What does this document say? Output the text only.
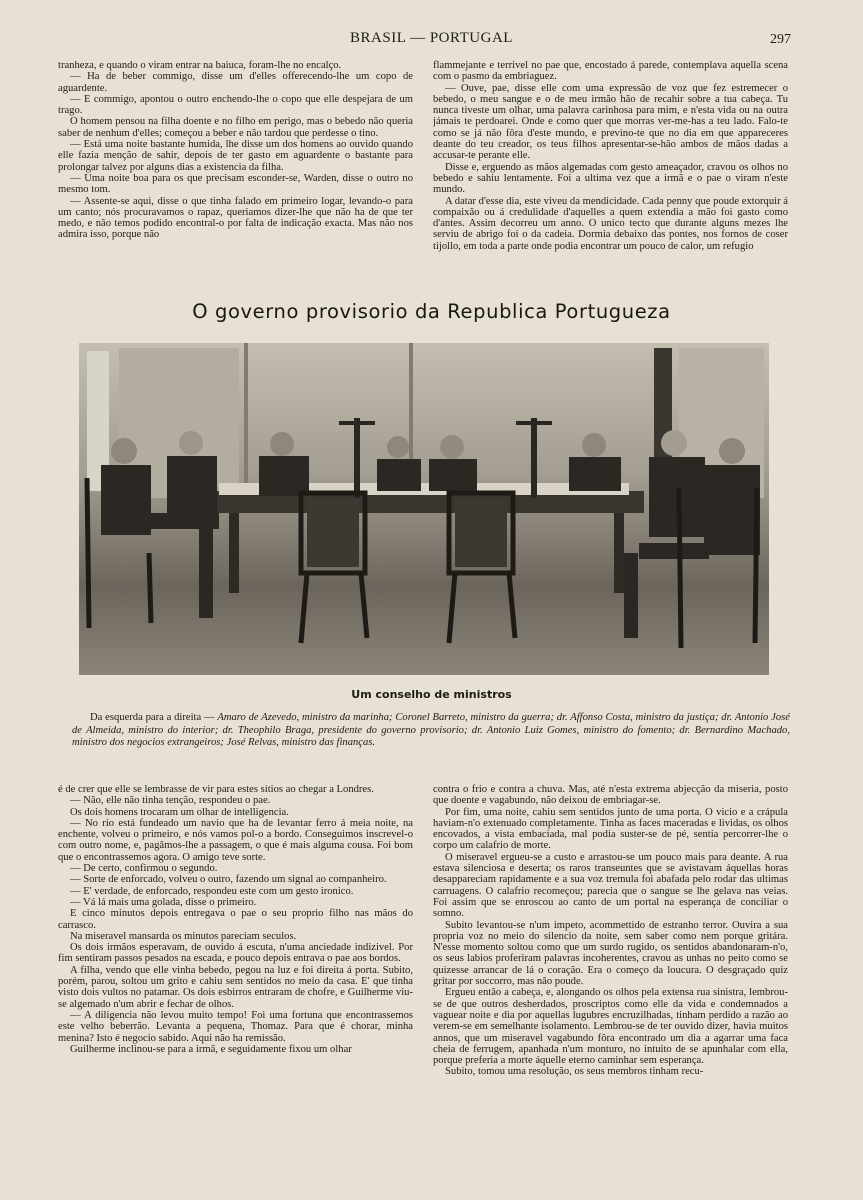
BRASIL — PORTUGAL	297

tranheza, e quando o viram entrar na baiuca, foram-lhe no encalço.

— Ha de beber commigo, disse um d'elles offerecendo-lhe um copo de aguardente.

— E commigo, apontou o outro enchendo-lhe o copo que elle despejara de um trago.

O homem pensou na filha doente e no filho em perigo, mas o bebedo não queria saber de nenhum d'elles; começou a beber e não tardou que perdesse o tino.

— Está uma noite bastante humida, lhe disse um dos homens ao ouvido quando elle fazia menção de sahir, depois de ter gasto em aguardente o bastante para prolongar talvez por alguns dias a existencia da filha.

— Uma noite boa para os que precisam esconder-se, Warden, disse o outro no mesmo tom.

— Assente-se aqui, disse o que tinha falado em primeiro logar, levando-o para um canto; nós procuravamos o rapaz, queriamos dizer-lhe que não ha de que ter medo, e não temos podido encontral-o por falta de indicação exacta. Mas não nos admira isso, porque não

flammejante e terrivel no pae que, encostado á parede, contemplava aquella scena com o pasmo da embriaguez.

— Ouve, pae, disse elle com uma expressão de voz que fez estremecer o bebedo, o meu sangue e o de meu irmão hão de recahir sobre a tua cabeça. Tu nunca tiveste um olhar, uma palavra carinhosa para mim, e n'esta vida ou na outra jámais te perdoarei. Onde e como quer que morras ver-me-has a teu lado. Falo-te como se já não fôra d'este mundo, e previno-te que no dia em que appareceres deante do teu creador, os teus filhos apresentar-se-hão ambos de mãos dadas a accusar-te perante elle.

Disse e, erguendo as mãos algemadas com gesto ameaçador, cravou os olhos no bebedo e sahiu lentamente. Foi a ultima vez que a irmã e o pae o viram n'este mundo.

A datar d'esse dia, este viveu da mendicidade. Cada penny que poude extorquir á compaixão ou á credulidade d'aquelles a quem extendia a mão foi gasto como d'antes. Assim decorreu um anno. O unico tecto que durante alguns mezes lhe serviu de abrigo foi o da cadeia. Dormia debaixo das pontes, nos fornos de coser tijollo, em toda a parte onde podia encontrar um pouco de calor, um refugio

O governo provisorio da Republica Portugueza
Um conselho de ministros
Da esquerda para a direita — Amaro de Azevedo, ministro da marinha; Coronel Barreto, ministro da guerra; dr. Affonso Costa, ministro da justiça; dr. Antonio José de Almeida, ministro do interior; dr. Theophilo Braga, presidente do governo provisorio; dr. Antonio Luiz Gomes, ministro do fomento; dr. Bernardino Machado, ministro dos negocios extrangeiros; José Relvas, ministro das finanças.

é de crer que elle se lembrasse de vir para estes sitios ao chegar a Londres.

— Não, elle não tinha tenção, respondeu o pae.

Os dois homens trocaram um olhar de intelligencia.

— No rio está fundeado um navio que ha de levantar ferro á meia noite, na enchente, volveu o primeiro, e nós vamos pol-o a bordo. Conseguimos inscrevel-o com outro nome, e, pagâmos-lhe a passagem, o que é mais alguma cousa. Foi bom que o encontrassemos agora. O amigo teve sorte.

— De certo, confirmou o segundo.

— Sorte de enforcado, volveu o outro, fazendo um signal ao companheiro.

— E' verdade, de enforcado, respondeu este com um gesto ironico.

— Vá lá mais uma golada, disse o primeiro.

E cinco minutos depois entregava o pae o seu proprio filho nas mãos do carrasco.

Na miseravel mansarda os minutos pareciam seculos.

Os dois irmãos esperavam, de ouvido á escuta, n'uma anciedade indizivel. Por fim sentiram passos pesados na escada, e pouco depois entrava o pae aos bordos.

A filha, vendo que elle vinha bebedo, pegou na luz e foi direita á porta. Subito, porém, parou, soltou um grito e cahiu sem sentidos no meio da casa. E' que tinha visto dois vultos no patamar. Os dois esbirros entraram de chofre, e Guilherme viu-se algemado n'um abrir e fechar de olhos.

— A diligencia não levou muito tempo! Foi uma fortuna que encontrassemos este velho beberrão. Levanta a pequena, Thomaz. Para que é chorar, minha menina? Isto é negocio sabido. Aqui não ha remissão.

Guilherme inclinou-se para a irmã, e seguidamente fixou um olhar

contra o frio e contra a chuva. Mas, até n'esta extrema abjecção da miseria, posto que doente e vagabundo, não deixou de embriagar-se.

Por fim, uma noite, cahiu sem sentidos junto de uma porta. O vicio e a crápula haviam-n'o extenuado completamente. Tinha as faces maceradas e lividas, os olhos encovados, a vista embaciada, mal podia suster-se de pé, sentia percorrer-lhe o corpo um calafrio de morte.

O miseravel ergueu-se a custo e arrastou-se um pouco mais para deante. A rua estava silenciosa e deserta; os raros transeuntes que se avistavam áquellas horas desappareciam rapidamente e a sua voz tremula foi abafada pelo rodar das ultimas carruagens. O calafrio recomeçou; parecia que o sangue se lhe gelava nas veias. Foi assim que se enroscou ao canto de um portal na esperança de conciliar o somno.

Subito levantou-se n'um impeto, acommettido de estranho terror. Ouvira a sua propria voz no meio do silencio da noite, sem saber como nem porque gritára. N'esse momento soltou como que um surdo rugido, os sentidos abandonaram-n'o, os seus labios proferiram palavras incoherentes, cravou as unhas no peito como se quizesse arrancar de lá o coração. Era o começo da loucura. O desgraçado quiz gritar por soccorro, mas não poude.

Ergueu então a cabeça, e, alongando os olhos pela extensa rua sinistra, lembrou-se de que outros desherdados, proscriptos como elle da vida e condemnados a vaguear noite e dia por aquellas lugubres encruzilhadas, tinham perdido a razão ao verem-se em semelhante isolamento. Lembrou-se de ter ouvido dizer, havia muitos annos, que um miseravel vagabundo fôra encontrado um dia a agarrar uma faca cheia de ferrugem, apanhada n'um monturo, no intuito de se apunhalar com ella, porque preferia a morte áquelle eterno caminhar sem esperança.

Subito, tomou uma resolução, os seus membros tinham recu-
